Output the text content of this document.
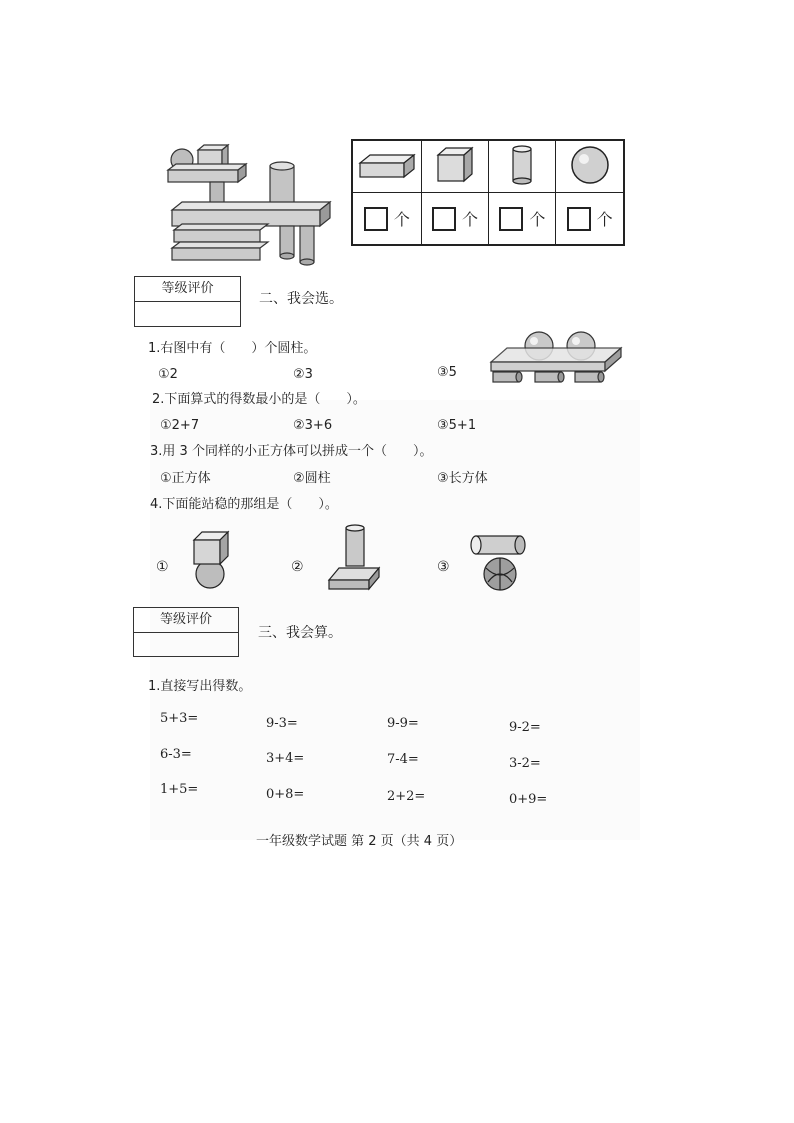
个	个	个	个
等级评价
二、我会选。
1.右图中有（　　）个圆柱。
①2	②3	③5
2.下面算式的得数最小的是（　　）。
①2+7	②3+6	③5+1
3.用 3 个同样的小正方体可以拼成一个（　　）。
①正方体	②圆柱	③长方体
4.下面能站稳的那组是（　　）。
①	②	③
等级评价
三、我会算。
1.直接写出得数。
5+3=	9-3=	9-9=	9-2=
6-3=	3+4=	7-4=	3-2=
1+5=	0+8=	2+2=	0+9=
一年级数学试题 第 2 页（共 4 页）
